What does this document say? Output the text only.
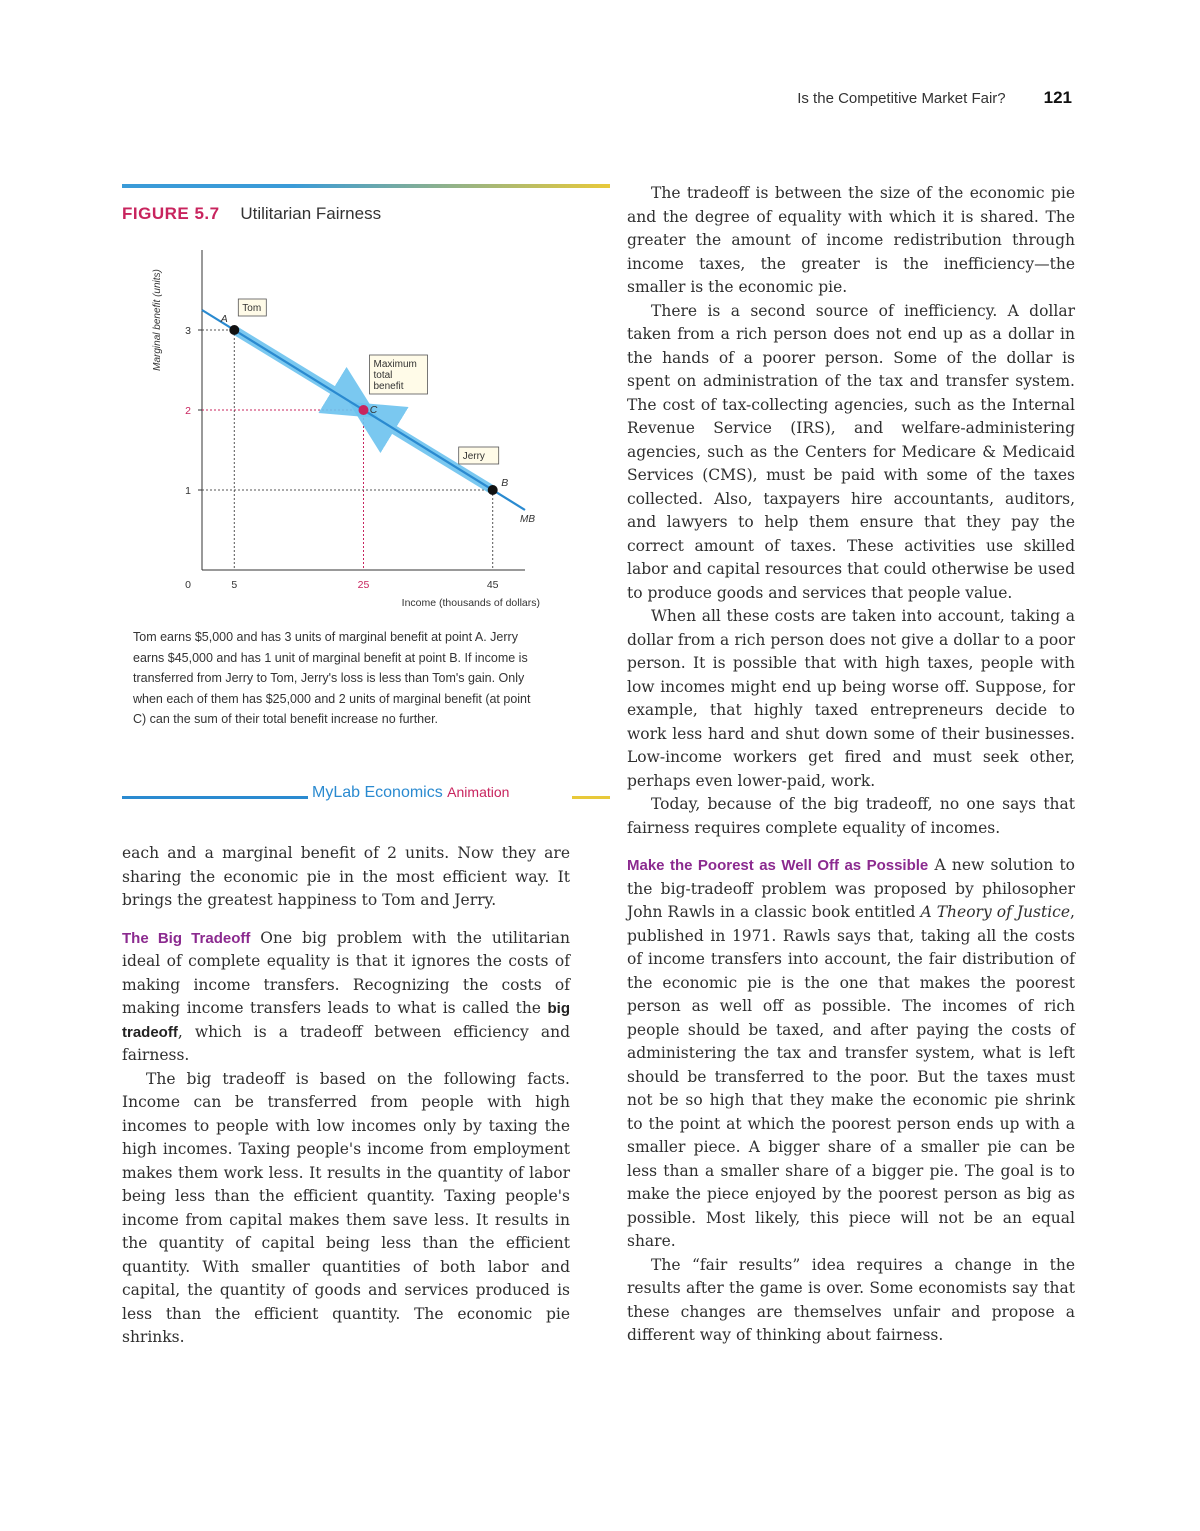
Is the Competitive Market Fair? 121
FIGURE 5.7 Utilitarian Fairness
1
2
3
0	5	25	45
MB
A
Tom
C
Maximum
total
benefit
B
Jerry
Marginal benefit (units)
Income (thousands of dollars)
Tom earns $5,000 and has 3 units of marginal benefit at point A. Jerry earns $45,000 and has 1 unit of marginal benefit at point B. If income is transferred from Jerry to Tom, Jerry's loss is less than Tom's gain. Only when each of them has $25,000 and 2 units of marginal benefit (at point C) can the sum of their total benefit increase no further.
MyLab Economics Animation

each and a marginal benefit of 2 units. Now they are sharing the economic pie in the most efficient way. It brings the greatest happiness to Tom and Jerry.

The Big Tradeoff One big problem with the utilitarian ideal of complete equality is that it ignores the costs of making income transfers. Recognizing the costs of making income transfers leads to what is called the big tradeoff, which is a tradeoff between efficiency and fairness.

The big tradeoff is based on the following facts. Income can be transferred from people with high incomes to people with low incomes only by taxing the high incomes. Taxing people's income from employment makes them work less. It results in the quantity of labor being less than the efficient quantity. Taxing people's income from capital makes them save less. It results in the quantity of capital being less than the efficient quantity. With smaller quantities of both labor and capital, the quantity of goods and services produced is less than the efficient quantity. The economic pie shrinks.

The tradeoff is between the size of the economic pie and the degree of equality with which it is shared. The greater the amount of income redistribution through income taxes, the greater is the inefficiency—the smaller is the economic pie.

There is a second source of inefficiency. A dollar taken from a rich person does not end up as a dollar in the hands of a poorer person. Some of the dollar is spent on administration of the tax and transfer system. The cost of tax-collecting agencies, such as the Internal Revenue Service (IRS), and welfare-administering agencies, such as the Centers for Medicare & Medicaid Services (CMS), must be paid with some of the taxes collected. Also, taxpayers hire accountants, auditors, and lawyers to help them ensure that they pay the correct amount of taxes. These activities use skilled labor and capital resources that could otherwise be used to produce goods and services that people value.

When all these costs are taken into account, taking a dollar from a rich person does not give a dollar to a poor person. It is possible that with high taxes, people with low incomes might end up being worse off. Suppose, for example, that highly taxed entrepreneurs decide to work less hard and shut down some of their businesses. Low-income workers get fired and must seek other, perhaps even lower-paid, work.

Today, because of the big tradeoff, no one says that fairness requires complete equality of incomes.

Make the Poorest as Well Off as Possible A new solution to the big-tradeoff problem was proposed by philosopher John Rawls in a classic book entitled A Theory of Justice, published in 1971. Rawls says that, taking all the costs of income transfers into account, the fair distribution of the economic pie is the one that makes the poorest person as well off as possible. The incomes of rich people should be taxed, and after paying the costs of administering the tax and transfer system, what is left should be transferred to the poor. But the taxes must not be so high that they make the economic pie shrink to the point at which the poorest person ends up with a smaller piece. A bigger share of a smaller pie can be less than a smaller share of a bigger pie. The goal is to make the piece enjoyed by the poorest person as big as possible. Most likely, this piece will not be an equal share.

The “fair results” idea requires a change in the results after the game is over. Some economists say that these changes are themselves unfair and propose a different way of thinking about fairness.
